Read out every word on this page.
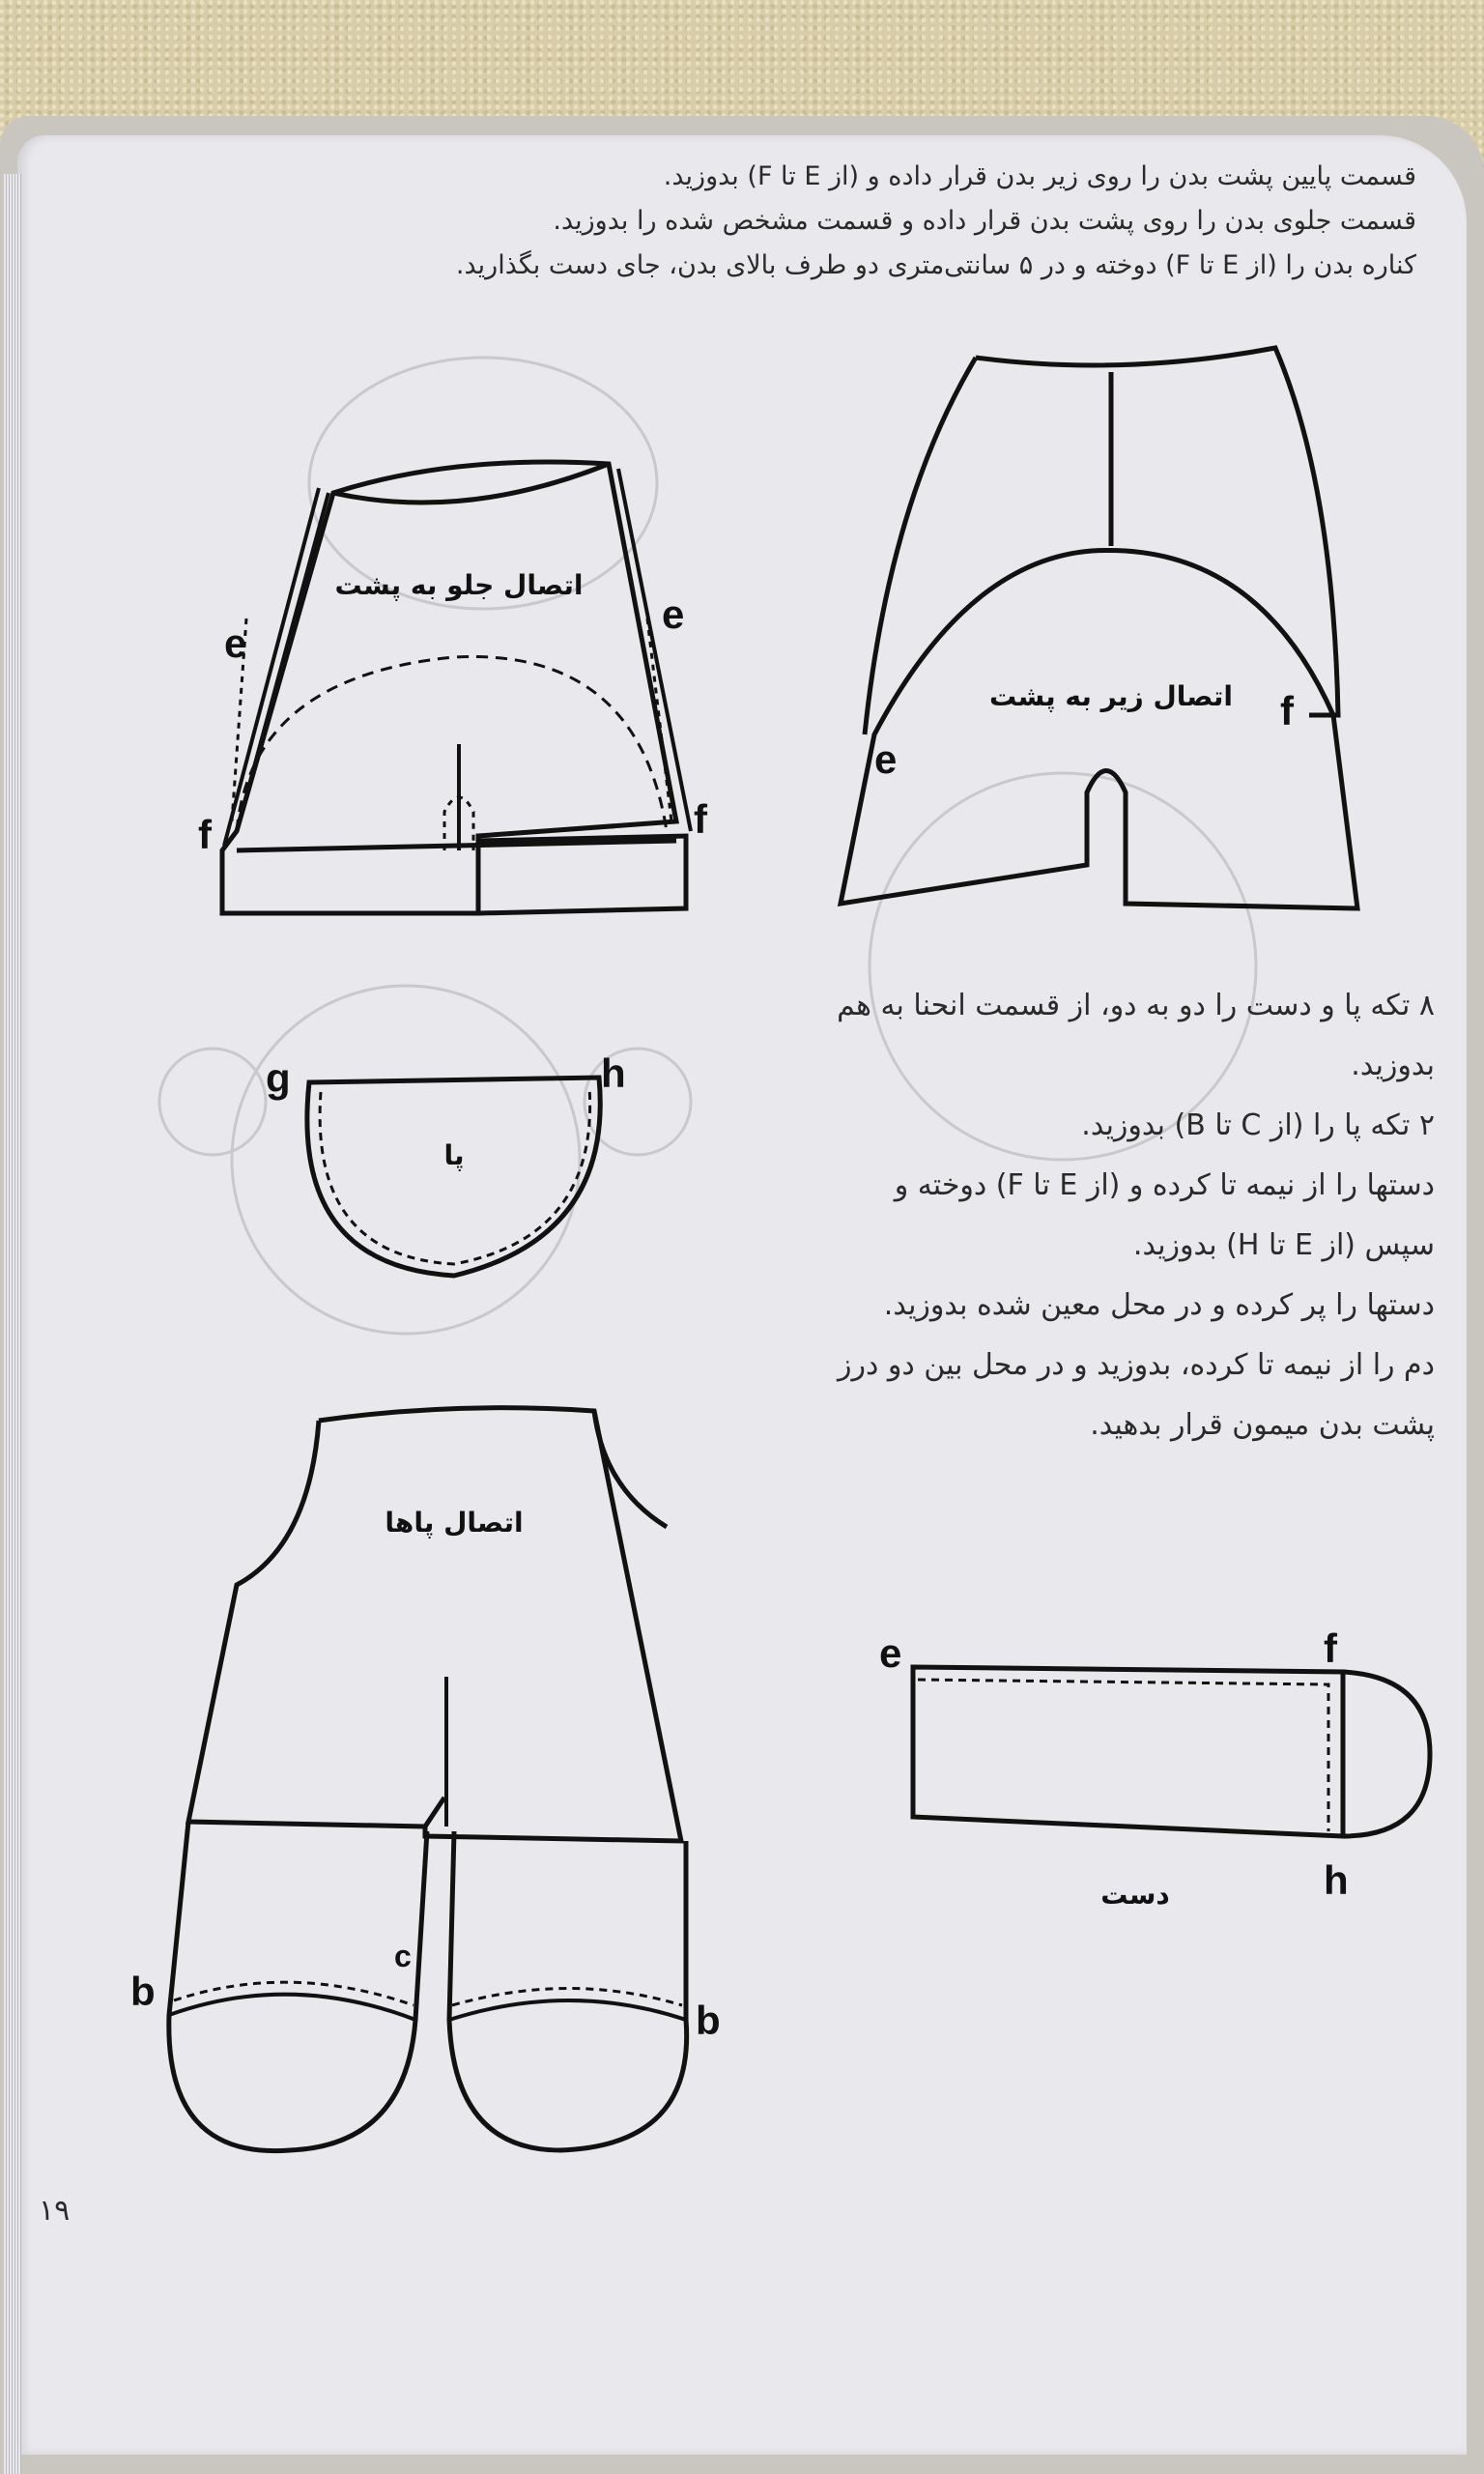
قسمت پایین پشت بدن را روی زیر بدن قرار داده و (از E تا F) بدوزید.

قسمت جلوی بدن را روی پشت بدن قرار داده و قسمت مشخص شده را بدوزید.

کناره بدن را (از E تا F) دوخته و در ۵ سانتی‌متری دو طرف بالای بدن، جای دست بگذارید.

اتصال جلو به پشت
e
e
f	f
اتصال زیر به پشت
e
f
پا
g	h
اتصال پاها
b
b
c
دست
e	f
h

۸ تکه پا و دست را دو به دو، از قسمت انحنا به هم بدوزید.

۲ تکه پا را (از C تا B) بدوزید.

دستها را از نیمه تا کرده و (از E تا F) دوخته و سپس (از E تا H) بدوزید.

دستها را پر کرده و در محل معین شده بدوزید.

دم را از نیمه تا کرده، بدوزید و در محل بین دو درز پشت بدن میمون قرار بدهید.

۱۹
